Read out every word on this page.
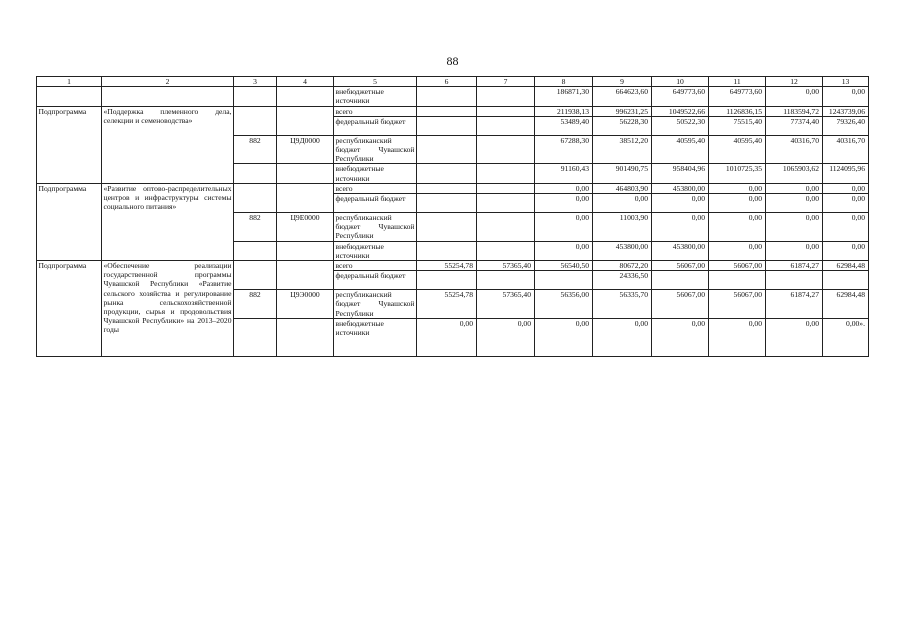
88
1	2	3	4	5	6	7	8	9	10	11	12	13
				внебюджетные источники			186871,30	664623,60	649773,60	649773,60	0,00	0,00
Подпрограмма	«Поддержка племенного дела, селекции и семеноводства»			всего			211938,13	996231,25	1049522,66	1126836,15	1183594,72	1243739,06
				федеральный бюджет			53489,40	56228,30	50522,30	75515,40	77374,40	79326,40
		882	Ц9Д0000	республиканский бюджет Чувашской Республики			67288,30	38512,20	40595,40	40595,40	40316,70	40316,70
				внебюджетные источники			91160,43	901490,75	958404,96	1010725,35	1065903,62	1124095,96
Подпрограмма	«Развитие оптово-распределительных центров и инфраструктуры системы социального питания»			всего			0,00	464803,90	453800,00	0,00	0,00	0,00
				федеральный бюджет			0,00	0,00	0,00	0,00	0,00	0,00
		882	Ц9Е0000	республиканский бюджет Чувашской Республики			0,00	11003,90	0,00	0,00	0,00	0,00
				внебюджетные источники			0,00	453800,00	453800,00	0,00	0,00	0,00
Подпрограмма	«Обеспечение реализации государственной программы Чувашской Республики «Развитие сельского хозяйства и регулирование рынка сельскохозяйственной продукции, сырья и продовольствия Чувашской Республики» на 2013–2020 годы			всего	55254,78	57365,40	56540,50	80672,20	56067,00	56067,00	61874,27	62984,48
				федеральный бюджет				24336,50				
		882	Ц9Э0000	республиканский бюджет Чувашской Республики	55254,78	57365,40	56356,00	56335,70	56067,00	56067,00	61874,27	62984,48
				внебюджетные источники	0,00	0,00	0,00	0,00	0,00	0,00	0,00	0,00».
